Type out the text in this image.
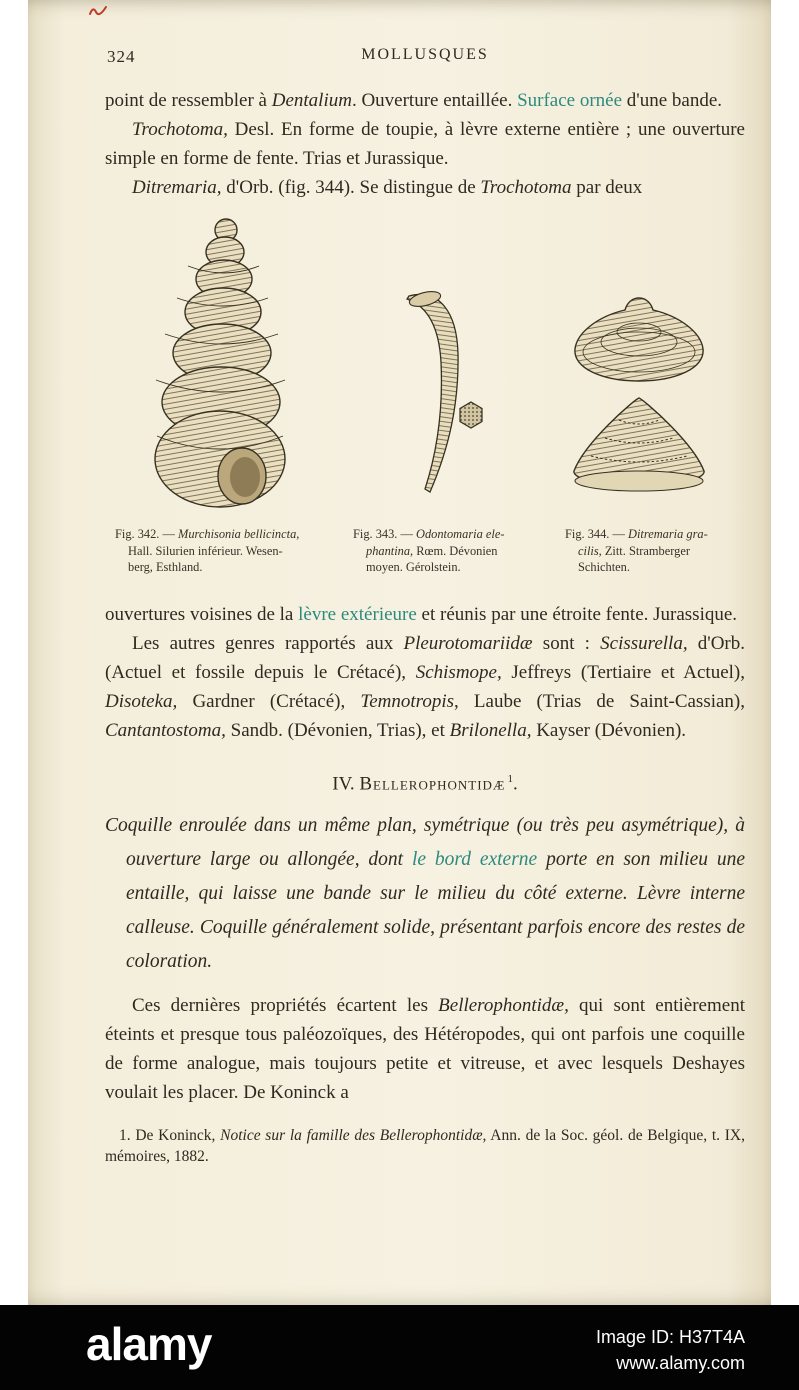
324	MOLLUSQUES

point de ressembler à Dentalium. Ouverture entaillée. Surface ornée d'une bande.

Trochotoma, Desl. En forme de toupie, à lèvre externe entière ; une ouverture simple en forme de fente. Trias et Jurassique.

Ditremaria, d'Orb. (fig. 344). Se distingue de Trochotoma par deux

Fig. 342. — Murchisonia bellicincta,
Hall. Silurien inférieur. Wesen-
berg, Esthland.
Fig. 343. — Odontomaria ele-
phantina, Rœm. Dévonien
moyen. Gérolstein.
Fig. 344. — Ditremaria gra-
cilis, Zitt. Stramberger
Schichten.

ouvertures voisines de la lèvre extérieure et réunis par une étroite fente. Jurassique.

Les autres genres rapportés aux Pleurotomariidæ sont : Scissurella, d'Orb. (Actuel et fossile depuis le Crétacé), Schismope, Jeffreys (Tertiaire et Actuel), Disoteka, Gardner (Crétacé), Temnotropis, Laube (Trias de Saint-Cassian), Cantantostoma, Sandb. (Dévonien, Trias), et Brilonella, Kayser (Dévonien).

IV. Bellerophontidæ $^1$.

Coquille enroulée dans un même plan, symétrique (ou très peu asymétrique), à ouverture large ou allongée, dont le bord externe porte en son milieu une entaille, qui laisse une bande sur le milieu du côté externe. Lèvre interne calleuse. Coquille généralement solide, présentant parfois encore des restes de coloration.

Ces dernières propriétés écartent les Bellerophontidæ, qui sont entièrement éteints et presque tous paléozoïques, des Hétéropodes, qui ont parfois une coquille de forme analogue, mais toujours petite et vitreuse, et avec lesquels Deshayes voulait les placer. De Koninck a

1. De Koninck, Notice sur la famille des Bellerophontidæ, Ann. de la Soc. géol. de Belgique, t. IX, mémoires, 1882.

alamy	Image ID: H37T4A
www.alamy.com
